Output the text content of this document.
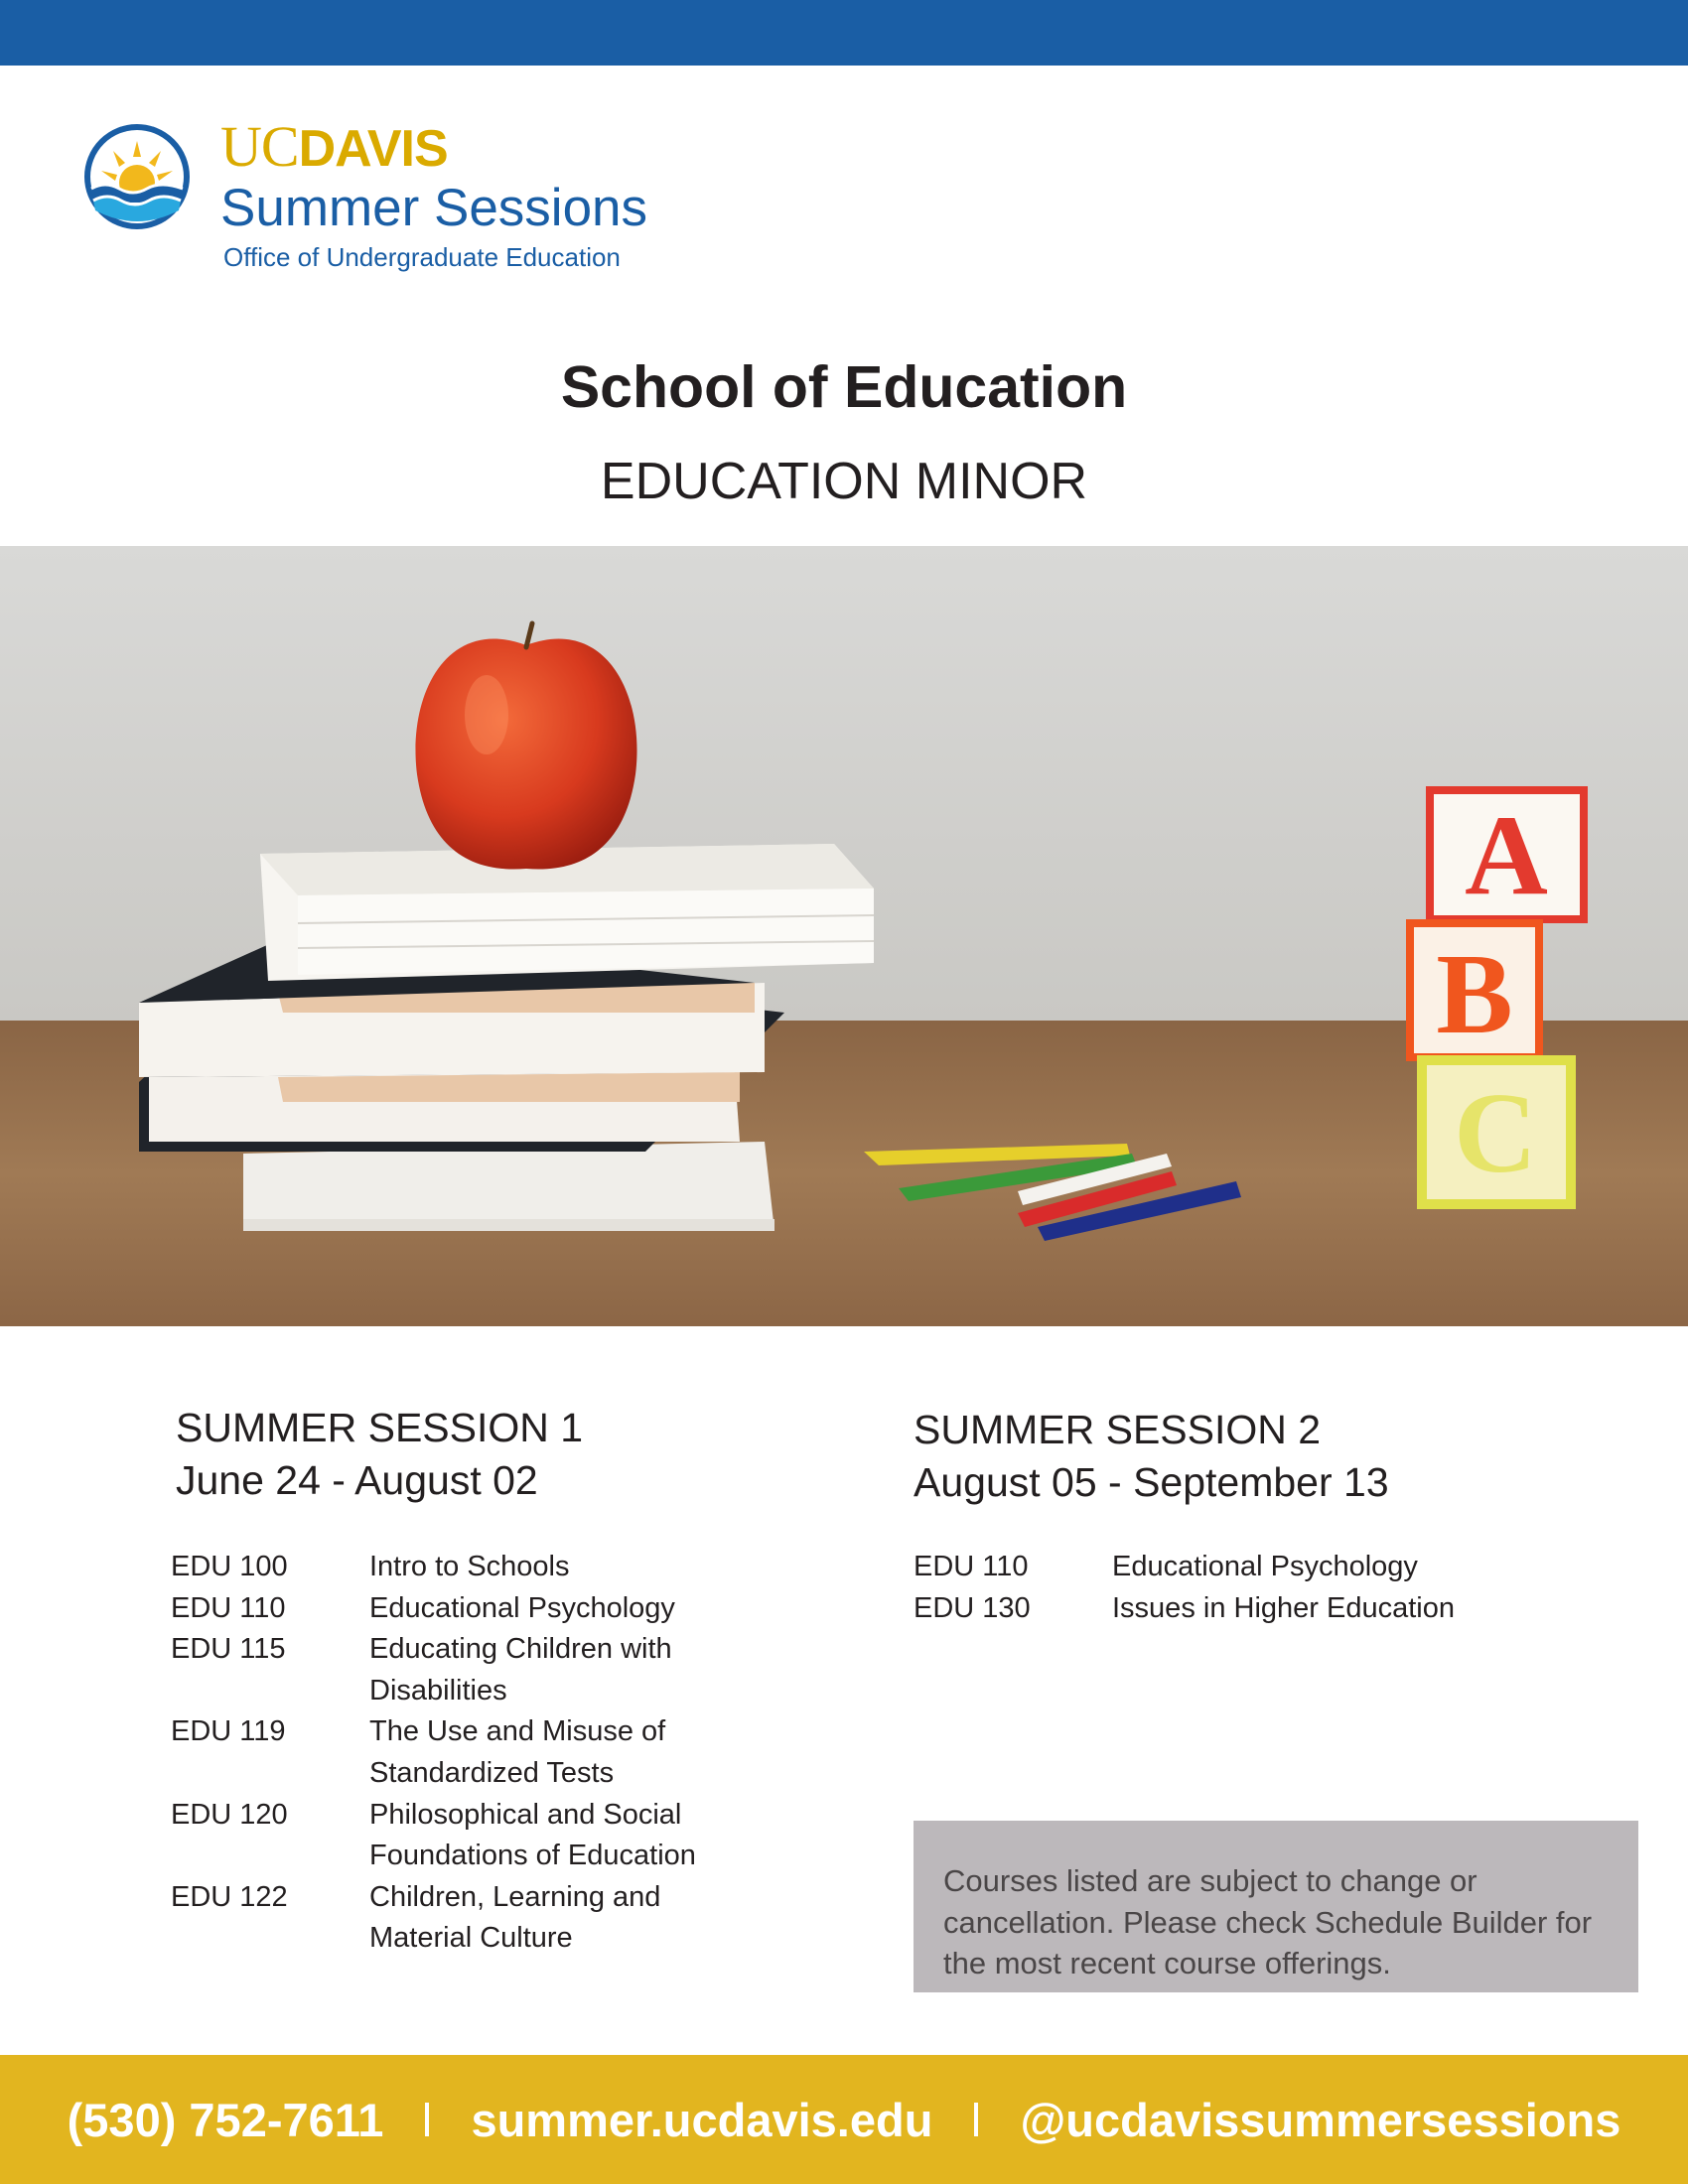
UCDAVIS
Summer Sessions
Office of Undergraduate Education
School of Education
EDUCATION MINOR
A
B
C
SUMMER SESSION 1
June 24 - August 02
EDU 100	Intro to Schools
EDU 110	Educational Psychology
EDU 115	Educating Children with Disabilities
EDU 119	The Use and Misuse of Standardized Tests
EDU 120	Philosophical and Social Foundations of Education
EDU 122	Children, Learning and Material Culture
SUMMER SESSION 2
August 05 - September 13
EDU 110	Educational Psychology
EDU 130	Issues in Higher Education
Courses listed are subject to change or cancellation. Please check Schedule Builder for the most recent course offerings.
(530) 752-7611 summer.ucdavis.edu @ucdavissummersessions
